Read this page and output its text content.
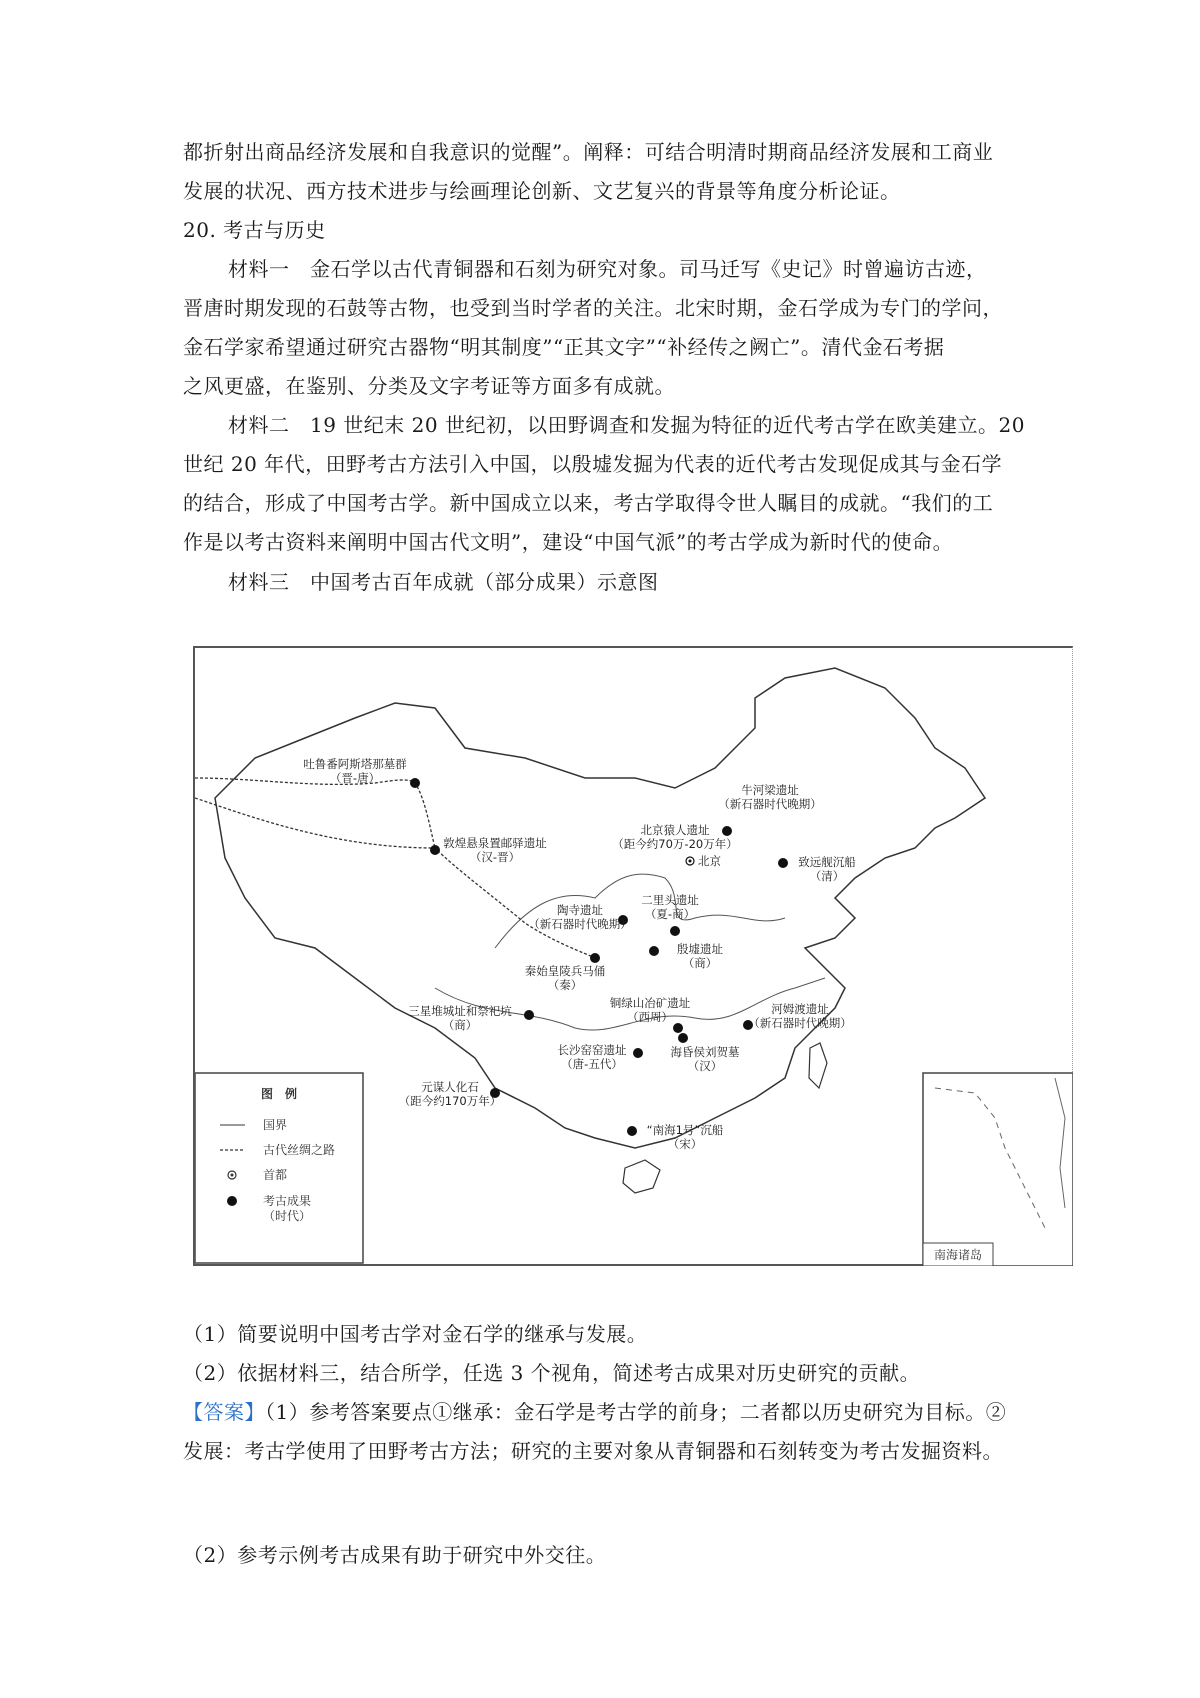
都折射出商品经济发展和自我意识的觉醒”。阐释：可结合明清时期商品经济发展和工商业
发展的状况、西方技术进步与绘画理论创新、文艺复兴的背景等角度分析论证。
20. 考古与历史
材料一　金石学以古代青铜器和石刻为研究对象。司马迁写《史记》时曾遍访古迹，
晋唐时期发现的石鼓等古物，也受到当时学者的关注。北宋时期，金石学成为专门的学问，
金石学家希望通过研究古器物“明其制度”“正其文字”“补经传之阙亡”。清代金石考据
之风更盛，在鉴别、分类及文字考证等方面多有成就。
材料二　19 世纪末 20 世纪初，以田野调查和发掘为特征的近代考古学在欧美建立。20
世纪 20 年代，田野考古方法引入中国，以殷墟发掘为代表的近代考古发现促成其与金石学
的结合，形成了中国考古学。新中国成立以来，考古学取得令世人瞩目的成就。“我们的工
作是以考古资料来阐明中国古代文明”，建设“中国气派”的考古学成为新时代的使命。
材料三　中国考古百年成就（部分成果）示意图
吐鲁番阿斯塔那墓群
（晋-唐）
敦煌悬泉置邮驿遗址
（汉-晋）
北京猿人遗址
（距今约70万-20万年）
北京
牛河梁遗址
（新石器时代晚期）
致远舰沉船
（清）
陶寺遗址
（新石器时代晚期）
二里头遗址
（夏-商）
殷墟遗址
（商）
秦始皇陵兵马俑
（秦）
三星堆城址和祭祀坑
（商）
铜绿山冶矿遗址
（西周）
河姆渡遗址
（新石器时代晚期）
长沙窑窑遗址
（唐-五代）
海昏侯刘贺墓
（汉）
元谋人化石
（距今约170万年）
“南海1号”沉船
（宋）
图　例
国界
古代丝绸之路
首都
考古成果
（时代）
南海诸岛
（1）简要说明中国考古学对金石学的继承与发展。
（2）依据材料三，结合所学，任选 3 个视角，简述考古成果对历史研究的贡献。
【答案】（1）参考答案要点①继承：金石学是考古学的前身；二者都以历史研究为目标。②
发展：考古学使用了田野考古方法；研究的主要对象从青铜器和石刻转变为考古发掘资料。
（2）参考示例考古成果有助于研究中外交往。
